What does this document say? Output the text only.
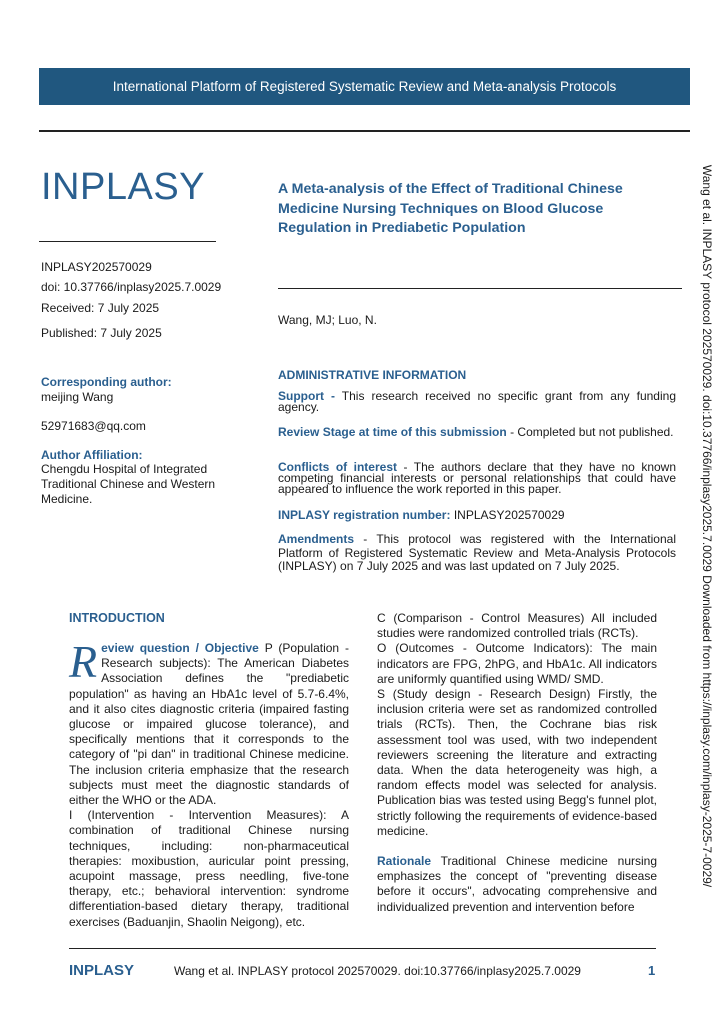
International Platform of Registered Systematic Review and Meta-analysis Protocols
INPLASY	A Meta-analysis of the Effect of Traditional Chinese Medicine Nursing Techniques on Blood Glucose Regulation in Prediabetic Population
INPLASY202570029
doi: 10.37766/inplasy2025.7.0029
Received: 7 July 2025
Published: 7 July 2025
Corresponding author:
meijing Wang
52971683@qq.com
Author Affiliation:
Chengdu Hospital of Integrated Traditional Chinese and Western Medicine.
Wang, MJ; Luo, N.
ADMINISTRATIVE INFORMATION
Support - This research received no specific grant from any funding agency.
Review Stage at time of this submission - Completed but not published.
Conflicts of interest - The authors declare that they have no known competing financial interests or personal relationships that could have appeared to influence the work reported in this paper.
INPLASY registration number: INPLASY202570029
Amendments - This protocol was registered with the International Platform of Registered Systematic Review and Meta-Analysis Protocols (INPLASY) on 7 July 2025 and was last updated on 7 July 2025.	Wang et al. INPLASY protocol 202570029. doi:10.37766/inplasy2025.7.0029 Downloaded from https://inplasy.com/inplasy-2025-7-0029/
INTRODUCTION

Review question / Objective P (Population - Research subjects): The American Diabetes Association defines the "prediabetic population" as having an HbA1c level of 5.7-6.4%, and it also cites diagnostic criteria (impaired fasting glucose or impaired glucose tolerance), and specifically mentions that it corresponds to the category of "pi dan" in traditional Chinese medicine. The inclusion criteria emphasize that the research subjects must meet the diagnostic standards of either the WHO or the ADA.

I (Intervention - Intervention Measures): A combination of traditional Chinese nursing techniques, including: non-pharmaceutical therapies: moxibustion, auricular point pressing, acupoint massage, press needling, five-tone therapy, etc.; behavioral intervention: syndrome differentiation-based dietary therapy, traditional exercises (Baduanjin, Shaolin Neigong), etc.

C (Comparison - Control Measures) All included studies were randomized controlled trials (RCTs).

O (Outcomes - Outcome Indicators): The main indicators are FPG, 2hPG, and HbA1c. All indicators are uniformly quantified using WMD/ SMD.

S (Study design - Research Design) Firstly, the inclusion criteria were set as randomized controlled trials (RCTs). Then, the Cochrane bias risk assessment tool was used, with two independent reviewers screening the literature and extracting data. When the data heterogeneity was high, a random effects model was selected for analysis. Publication bias was tested using Begg's funnel plot, strictly following the requirements of evidence-based medicine.

Rationale Traditional Chinese medicine nursing emphasizes the concept of "preventing disease before it occurs", advocating comprehensive and individualized prevention and intervention before

INPLASY	Wang et al. INPLASY protocol 202570029. doi:10.37766/inplasy2025.7.0029	1
